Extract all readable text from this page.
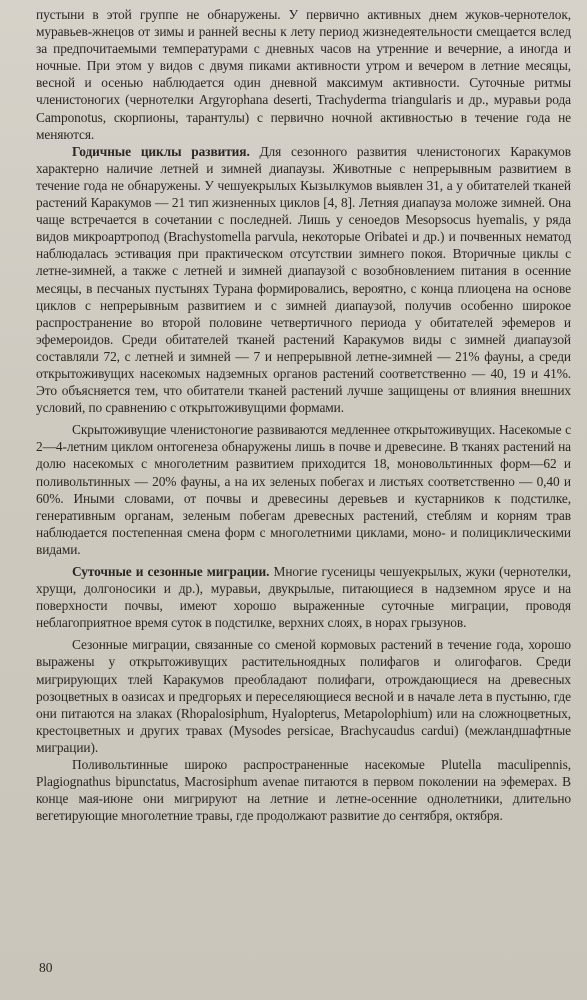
пустыни в этой группе не обнаружены. У первично активных днем жуков-чернотелок, муравьев-жнецов от зимы и ранней весны к лету период жизнедеятельности смещается вслед за предпочитаемыми температурами с дневных часов на утренние и вечерние, а иногда и ночные. При этом у видов с двумя пиками активности утром и вечером в летние месяцы, весной и осенью наблюдается один дневной максимум активности. Суточные ритмы членистоногих (чернотелки Argyrophana deserti, Trachyderma triangularis и др., муравьи рода Camponotus, скорпионы, тарантулы) с первично ночной активностью в течение года не меняются.

Годичные циклы развития. Для сезонного развития членистоногих Каракумов характерно наличие летней и зимней диапаузы. Животные с непрерывным развитием в течение года не обнаружены. У чешуекрылых Кызылкумов выявлен 31, а у обитателей тканей растений Каракумов — 21 тип жизненных циклов [4, 8]. Летняя диапауза моложе зимней. Она чаще встречается в сочетании с последней. Лишь у сеноедов Mesopsocus hyemalis, у ряда видов микроартропод (Brachystomella parvula, некоторые Oribatei и др.) и почвенных нематод наблюдалась эстивация при практическом отсутствии зимнего покоя. Вторичные циклы с летне-зимней, а также с летней и зимней диапаузой с возобновлением питания в осенние месяцы, в песчаных пустынях Турана формировались, вероятно, с конца плиоцена на основе циклов с непрерывным развитием и с зимней диапаузой, получив особенно широкое распространение во второй половине четвертичного периода у обитателей эфемеров и эфемероидов. Среди обитателей тканей растений Каракумов виды с зимней диапаузой составляли 72, с летней и зимней — 7 и непрерывной летне-зимней — 21% фауны, а среди открытоживущих насекомых надземных органов растений соответственно — 40, 19 и 41%. Это объясняется тем, что обитатели тканей растений лучше защищены от влияния внешних условий, по сравнению с открытоживущими формами.

Скрытоживущие членистоногие развиваются медленнее открытоживущих. Насекомые с 2—4-летним циклом онтогенеза обнаружены лишь в почве и древесине. В тканях растений на долю насекомых с многолетним развитием приходится 18, моновольтинных форм—62 и поливольтинных — 20% фауны, а на их зеленых побегах и листьях соответственно — 0,40 и 60%. Иными словами, от почвы и древесины деревьев и кустарников к подстилке, генеративным органам, зеленым побегам древесных растений, стеблям и корням трав наблюдается постепенная смена форм с многолетними циклами, моно- и полициклическими видами.

Суточные и сезонные миграции. Многие гусеницы чешуекрылых, жуки (чернотелки, хрущи, долгоносики и др.), муравьи, двукрылые, питающиеся в надземном ярусе и на поверхности почвы, имеют хорошо выраженные суточные миграции, проводя неблагоприятное время суток в подстилке, верхних слоях, в норах грызунов.

Сезонные миграции, связанные со сменой кормовых растений в течение года, хорошо выражены у открытоживущих растительноядных полифагов и олигофагов. Среди мигрирующих тлей Каракумов преобладают полифаги, отрождающиеся на древесных розоцветных в оазисах и предгорьях и переселяющиеся весной и в начале лета в пустыню, где они питаются на злаках (Rhopalosiphum, Hyalopterus, Metapolophium) или на сложноцветных, крестоцветных и других травах (Mysodes persicae, Brachycaudus cardui) (межландшафтные миграции).

Поливольтинные широко распространенные насекомые Plutella maculipennis, Plagiognathus bipunctatus, Macrosiphum avenae питаются в первом поколении на эфемерах. В конце мая-июне они мигрируют на летние и летне-осенние однолетники, длительно вегетирующие многолетние травы, где продолжают развитие до сентября, октября.

80
